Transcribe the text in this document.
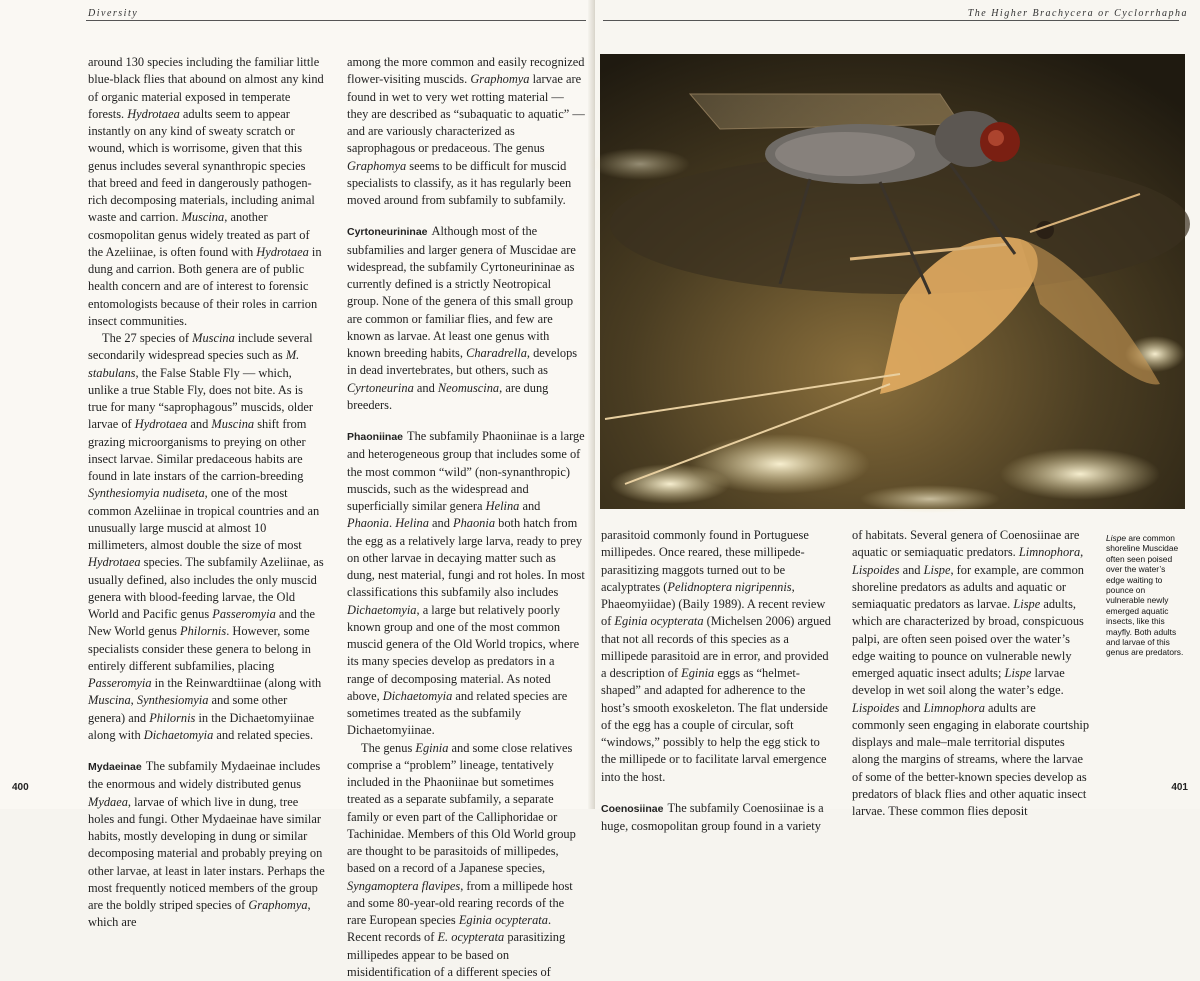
Diversity

around 130 species including the familiar little blue-black flies that abound on almost any kind of organic material exposed in temperate forests. Hydrotaea adults seem to appear instantly on any kind of sweaty scratch or wound, which is worrisome, given that this genus includes several synanthropic species that breed and feed in dangerously pathogen-rich decomposing materials, including animal waste and carrion. Muscina, another cosmopolitan genus widely treated as part of the Azeliinae, is often found with Hydrotaea in dung and carrion. Both genera are of public health concern and are of interest to forensic entomologists because of their roles in carrion insect communities.

The 27 species of Muscina include several secondarily widespread species such as M. stabulans, the False Stable Fly — which, unlike a true Stable Fly, does not bite. As is true for many “saprophagous” muscids, older larvae of Hydrotaea and Muscina shift from grazing microorganisms to preying on other insect larvae. Similar predaceous habits are found in late instars of the carrion-breeding Synthesiomyia nudiseta, one of the most common Azeliinae in tropical countries and an unusually large muscid at almost 10 millimeters, almost double the size of most Hydrotaea species. The subfamily Azeliinae, as usually defined, also includes the only muscid genera with blood-feeding larvae, the Old World and Pacific genus Passeromyia and the New World genus Philornis. However, some specialists consider these genera to belong in entirely different subfamilies, placing Passeromyia in the Reinwardtiinae (along with Muscina, Synthesiomyia and some other genera) and Philornis in the Dichaetomyiinae along with Dichaetomyia and related species.

Mydaeinae The subfamily Mydaeinae includes the enormous and widely distributed genus Mydaea, larvae of which live in dung, tree holes and fungi. Other Mydaeinae have similar habits, mostly developing in dung or similar decomposing material and probably preying on other larvae, at least in later instars. Perhaps the most frequently noticed members of the group are the boldly striped species of Graphomya, which are

among the more common and easily recognized flower-visiting muscids. Graphomya larvae are found in wet to very wet rotting material — they are described as “subaquatic to aquatic” — and are variously characterized as saprophagous or predaceous. The genus Graphomya seems to be difficult for muscid specialists to classify, as it has regularly been moved around from subfamily to subfamily.

Cyrtoneurininae Although most of the subfamilies and larger genera of Muscidae are widespread, the subfamily Cyrtoneurininae as currently defined is a strictly Neotropical group. None of the genera of this small group are common or familiar flies, and few are known as larvae. At least one genus with known breeding habits, Charadrella, develops in dead invertebrates, but others, such as Cyrtoneurina and Neomuscina, are dung breeders.

Phaoniinae The subfamily Phaoniinae is a large and heterogeneous group that includes some of the most common “wild” (non-synanthropic) muscids, such as the widespread and superficially similar genera Helina and Phaonia. Helina and Phaonia both hatch from the egg as a relatively large larva, ready to prey on other larvae in decaying matter such as dung, nest material, fungi and rot holes. In most classifications this subfamily also includes Dichaetomyia, a large but relatively poorly known group and one of the most common muscid genera of the Old World tropics, where its many species develop as predators in a range of decomposing material. As noted above, Dichaetomyia and related species are sometimes treated as the subfamily Dichaetomyiinae.

The genus Eginia and some close relatives comprise a “problem” lineage, tentatively included in the Phaoniinae but sometimes treated as a separate subfamily, a separate family or even part of the Calliphoridae or Tachinidae. Members of this Old World group are thought to be parasitoids of millipedes, based on a record of a Japanese species, Syngamoptera flavipes, from a millipede host and some 80-year-old rearing records of the rare European species Eginia ocypterata. Recent records of E. ocypterata parasitizing millipedes appear to be based on misidentification of a different species of

400
The Higher Brachycera or Cyclorrhapha

parasitoid commonly found in Portuguese millipedes. Once reared, these millipede-parasitizing maggots turned out to be acalyptrates (Pelidnoptera nigripennis, Phaeomyiidae) (Baily 1989). A recent review of Eginia ocypterata (Michelsen 2006) argued that not all records of this species as a millipede parasitoid are in error, and provided a description of Eginia eggs as “helmet-shaped” and adapted for adherence to the host’s smooth exoskeleton. The flat underside of the egg has a couple of circular, soft “windows,” possibly to help the egg stick to the millipede or to facilitate larval emergence into the host.

Coenosiinae The subfamily Coenosiinae is a huge, cosmopolitan group found in a variety

of habitats. Several genera of Coenosiinae are aquatic or semiaquatic predators. Limnophora, Lispoides and Lispe, for example, are common shoreline predators as adults and aquatic or semiaquatic predators as larvae. Lispe adults, which are characterized by broad, conspicuous palpi, are often seen poised over the water’s edge waiting to pounce on vulnerable newly emerged aquatic insect adults; Lispe larvae develop in wet soil along the water’s edge. Lispoides and Limnophora adults are commonly seen engaging in elaborate courtship displays and male–male territorial disputes along the margins of streams, where the larvae of some of the better-known species develop as predators of black flies and other aquatic insect larvae. These common flies deposit

Lispe are common shoreline Muscidae often seen poised over the water’s edge waiting to pounce on vulnerable newly emerged aquatic insects, like this mayfly. Both adults and larvae of this genus are predators.
401
